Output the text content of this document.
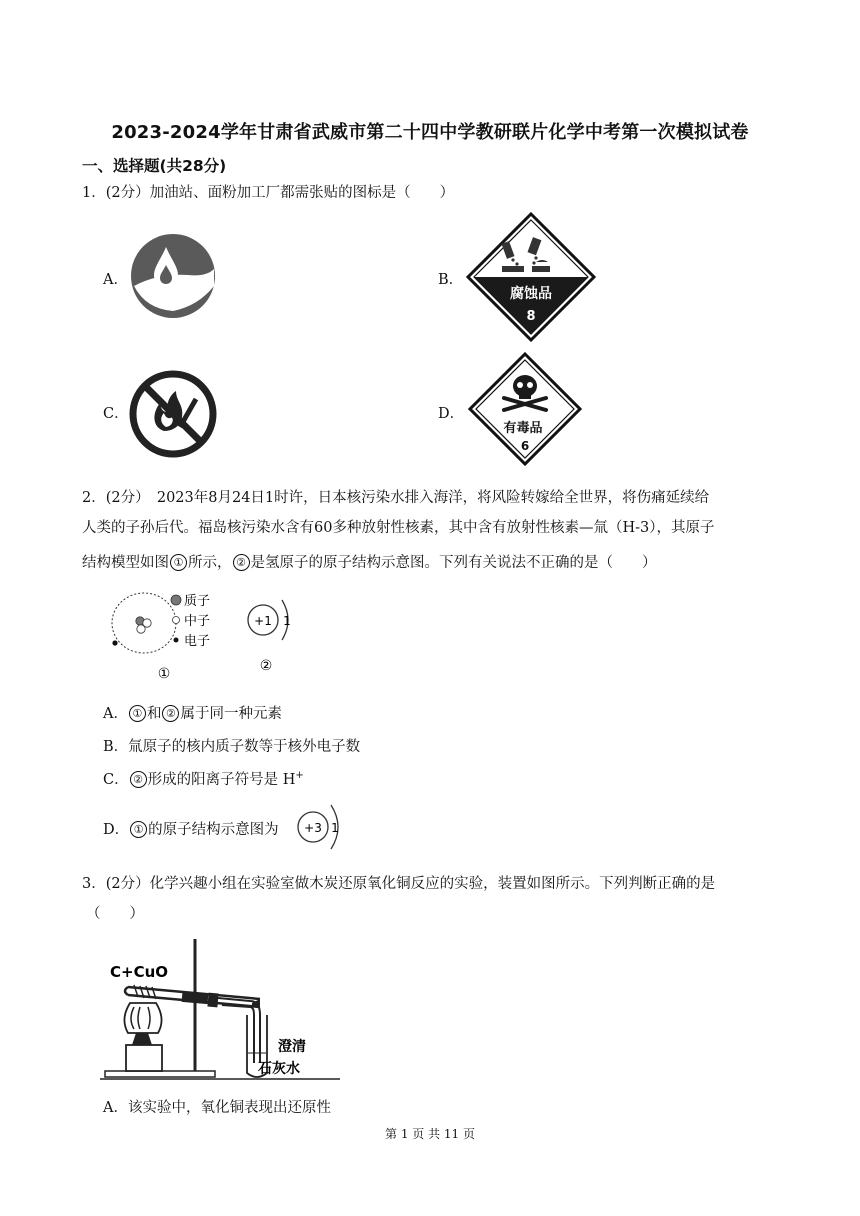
2023-2024学年甘肃省武威市第二十四中学教研联片化学中考第一次模拟试卷
一、选择题(共28分)
1．(2分）加油站、面粉加工厂都需张贴的图标是（　　）
A．	B．
腐蚀品
8
C．	D．
有毒品
6
2．(2分）　2023年8月24日1时许，日本核污染水排入海洋，将风险转嫁给全世界，将伤痛延续给
人类的子孙后代。福岛核污染水含有60多种放射性核素，其中含有放射性核素—氚（H-3），其原子
结构模型如图 ① 所示， ② 是氢原子的原子结构示意图。下列有关说法不正确的是（　　）
质子
中子
电子
①
+1 1
②
A． ① 和 ② 属于同一种元素
B．氚原子的核内质子数等于核外电子数
C． ② 形成的阳离子符号是 H+
D． ① 的原子结构示意图为 +3 1
3．(2分）化学兴趣小组在实验室做木炭还原氧化铜反应的实验，装置如图所示。下列判断正确的是
（　　）
C+CuO
澄清
石灰水
A．该实验中，氧化铜表现出还原性
第 1 页 共 11 页
